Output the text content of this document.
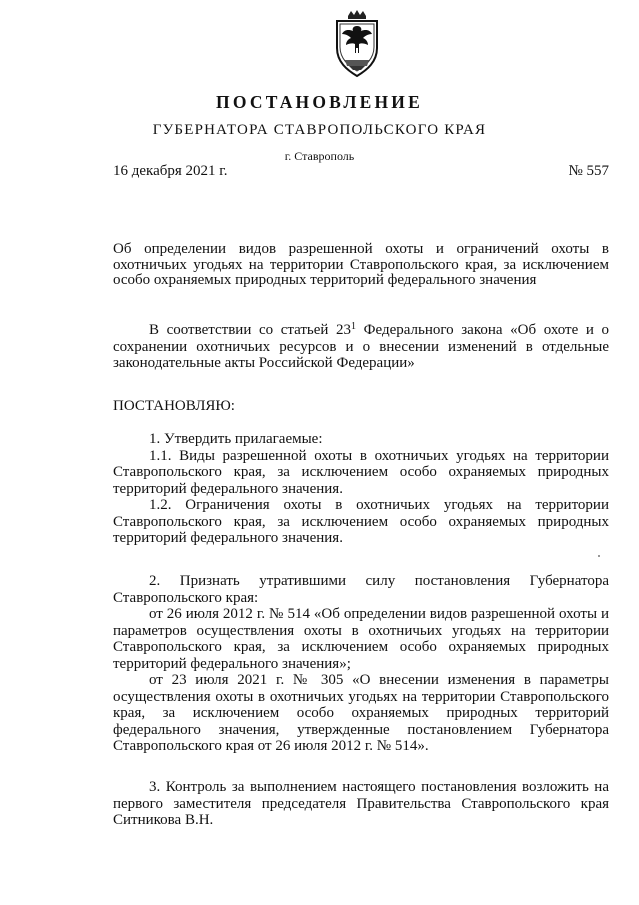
ПОСТАНОВЛЕНИЕ
ГУБЕРНАТОРА СТАВРОПОЛЬСКОГО КРАЯ
г. Ставрополь
16 декабря 2021 г.	№ 557

Об определении видов разрешенной охоты и ограничений охоты в охотничьих угодьях на территории Ставропольского края, за исключением особо охраняемых природных территорий федерального значения

В соответствии со статьей $23^1$ Федерального закона «Об охоте и о сохранении охотничьих ресурсов и о внесении изменений в отдельные законодательные акты Российской Федерации»

ПОСТАНОВЛЯЮ:

1. Утвердить прилагаемые:

1.1. Виды разрешенной охоты в охотничьих угодьях на территории Ставропольского края, за исключением особо охраняемых природных территорий федерального значения.

1.2. Ограничения охоты в охотничьих угодьях на территории Ставропольского края, за исключением особо охраняемых природных территорий федерального значения.

2. Признать утратившими силу постановления Губернатора Ставропольского края:

от 26 июля 2012 г. № 514 «Об определении видов разрешенной охоты и параметров осуществления охоты в охотничьих угодьях на территории Ставропольского края, за исключением особо охраняемых природных территорий федерального значения»;

от 23 июля 2021 г. № 305 «О внесении изменения в параметры осуществления охоты в охотничьих угодьях на территории Ставропольского края, за исключением особо охраняемых природных территорий федерального значения, утвержденные постановлением Губернатора Ставропольского края от 26 июля 2012 г. № 514».

3. Контроль за выполнением настоящего постановления возложить на первого заместителя председателя Правительства Ставропольского края Ситникова В.Н.
